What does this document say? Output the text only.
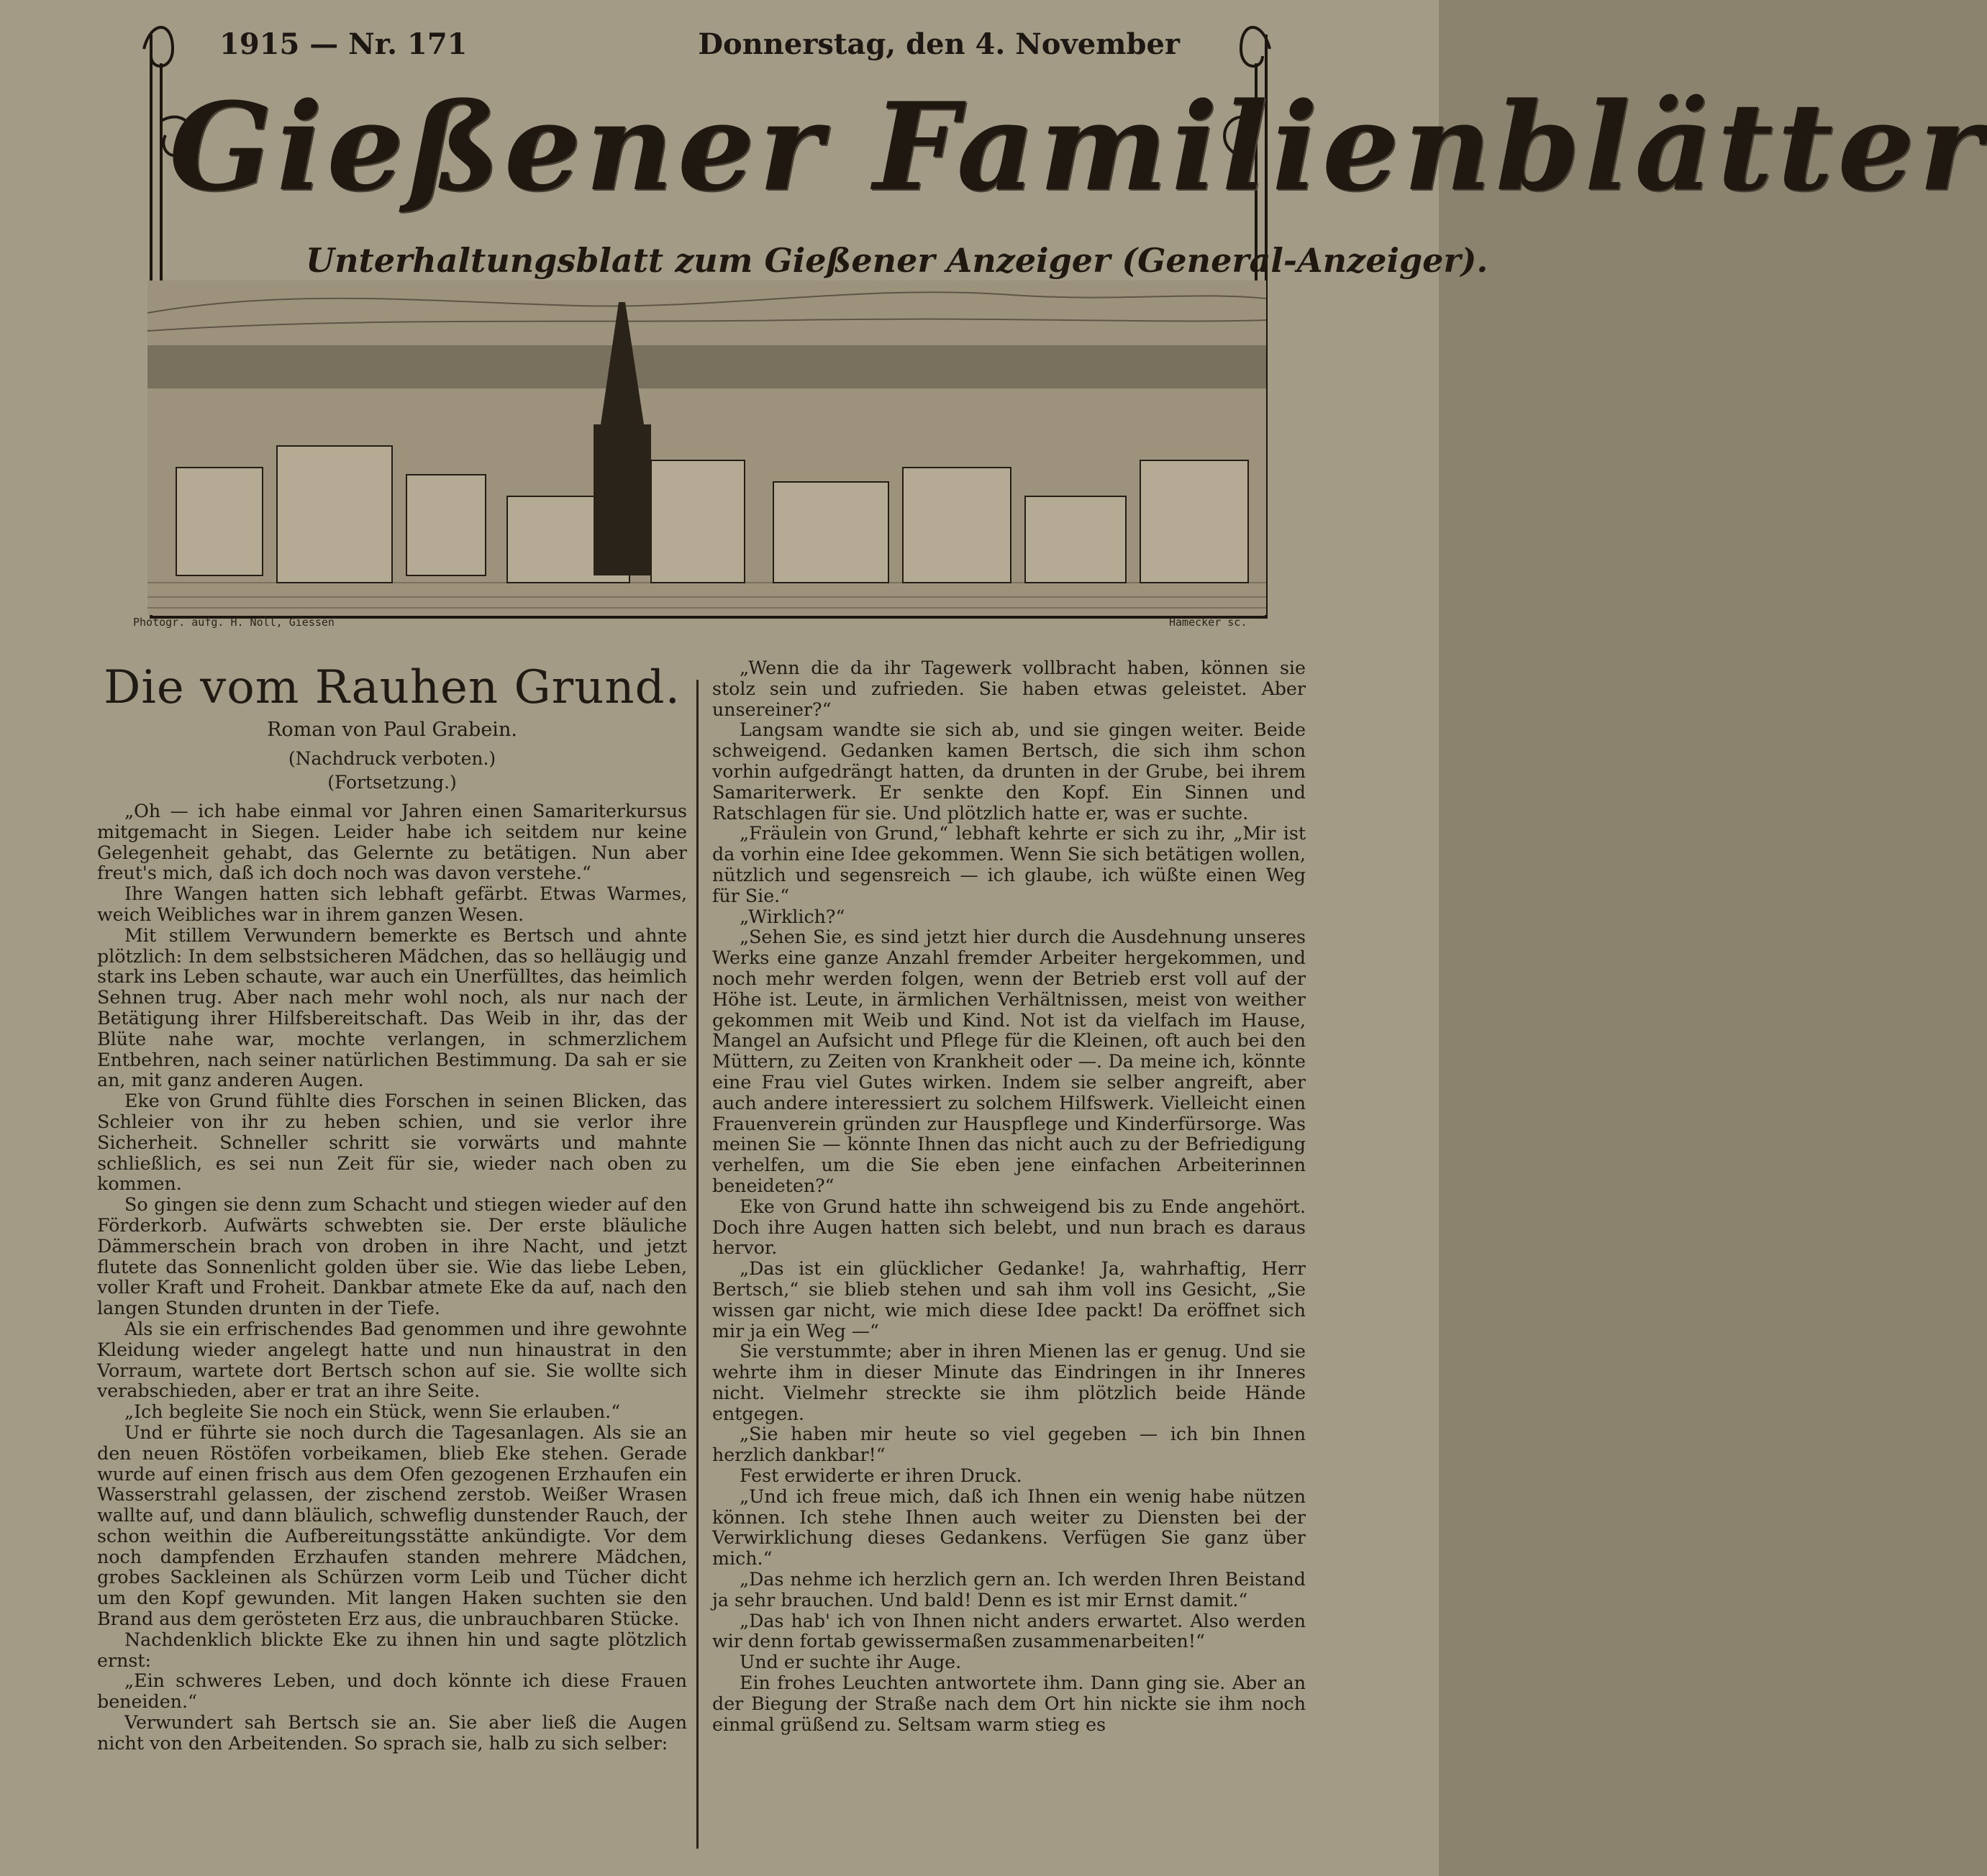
1915 — Nr. 171	Donnerstag, den 4. November
Gießener Familienblätter
Unterhaltungsblatt zum Gießener Anzeiger (General-Anzeiger).
Photogr. aufg. H. Noll, Giessen	Hamecker sc.
Die vom Rauhen Grund.
Roman von Paul Grabein.
(Nachdruck verboten.)
(Fortsetzung.)

„Oh — ich habe einmal vor Jahren einen Samariterkursus mitgemacht in Siegen. Leider habe ich seitdem nur keine Gelegenheit gehabt, das Gelernte zu betätigen. Nun aber freut's mich, daß ich doch noch was davon verstehe.“

Ihre Wangen hatten sich lebhaft gefärbt. Etwas Warmes, weich Weibliches war in ihrem ganzen Wesen.

Mit stillem Verwundern bemerkte es Bertsch und ahnte plötzlich: In dem selbstsicheren Mädchen, das so helläugig und stark ins Leben schaute, war auch ein Unerfülltes, das heimlich Sehnen trug. Aber nach mehr wohl noch, als nur nach der Betätigung ihrer Hilfsbereitschaft. Das Weib in ihr, das der Blüte nahe war, mochte verlangen, in schmerzlichem Entbehren, nach seiner natürlichen Bestimmung. Da sah er sie an, mit ganz anderen Augen.

Eke von Grund fühlte dies Forschen in seinen Blicken, das Schleier von ihr zu heben schien, und sie verlor ihre Sicherheit. Schneller schritt sie vorwärts und mahnte schließlich, es sei nun Zeit für sie, wieder nach oben zu kommen.

So gingen sie denn zum Schacht und stiegen wieder auf den Förderkorb. Aufwärts schwebten sie. Der erste bläuliche Dämmerschein brach von droben in ihre Nacht, und jetzt flutete das Sonnenlicht golden über sie. Wie das liebe Leben, voller Kraft und Froheit. Dankbar atmete Eke da auf, nach den langen Stunden drunten in der Tiefe.

Als sie ein erfrischendes Bad genommen und ihre gewohnte Kleidung wieder angelegt hatte und nun hinaustrat in den Vorraum, wartete dort Bertsch schon auf sie. Sie wollte sich verabschieden, aber er trat an ihre Seite.

„Ich begleite Sie noch ein Stück, wenn Sie erlauben.“

Und er führte sie noch durch die Tagesanlagen. Als sie an den neuen Röstöfen vorbeikamen, blieb Eke stehen. Gerade wurde auf einen frisch aus dem Ofen gezogenen Erzhaufen ein Wasserstrahl gelassen, der zischend zerstob. Weißer Wrasen wallte auf, und dann bläulich, schweflig dunstender Rauch, der schon weithin die Aufbereitungsstätte ankündigte. Vor dem noch dampfenden Erzhaufen standen mehrere Mädchen, grobes Sackleinen als Schürzen vorm Leib und Tücher dicht um den Kopf gewunden. Mit langen Haken suchten sie den Brand aus dem gerösteten Erz aus, die unbrauchbaren Stücke.

Nachdenklich blickte Eke zu ihnen hin und sagte plötzlich ernst:

„Ein schweres Leben, und doch könnte ich diese Frauen beneiden.“

Verwundert sah Bertsch sie an. Sie aber ließ die Augen nicht von den Arbeitenden. So sprach sie, halb zu sich selber:

„Wenn die da ihr Tagewerk vollbracht haben, können sie stolz sein und zufrieden. Sie haben etwas geleistet. Aber unsereiner?“

Langsam wandte sie sich ab, und sie gingen weiter. Beide schweigend. Gedanken kamen Bertsch, die sich ihm schon vorhin aufgedrängt hatten, da drunten in der Grube, bei ihrem Samariterwerk. Er senkte den Kopf. Ein Sinnen und Ratschlagen für sie. Und plötzlich hatte er, was er suchte.

„Fräulein von Grund,“ lebhaft kehrte er sich zu ihr, „Mir ist da vorhin eine Idee gekommen. Wenn Sie sich betätigen wollen, nützlich und segensreich — ich glaube, ich wüßte einen Weg für Sie.“

„Wirklich?“

„Sehen Sie, es sind jetzt hier durch die Ausdehnung unseres Werks eine ganze Anzahl fremder Arbeiter hergekommen, und noch mehr werden folgen, wenn der Betrieb erst voll auf der Höhe ist. Leute, in ärmlichen Verhältnissen, meist von weither gekommen mit Weib und Kind. Not ist da vielfach im Hause, Mangel an Aufsicht und Pflege für die Kleinen, oft auch bei den Müttern, zu Zeiten von Krankheit oder —. Da meine ich, könnte eine Frau viel Gutes wirken. Indem sie selber angreift, aber auch andere interessiert zu solchem Hilfswerk. Vielleicht einen Frauenverein gründen zur Hauspflege und Kinderfürsorge. Was meinen Sie — könnte Ihnen das nicht auch zu der Befriedigung verhelfen, um die Sie eben jene einfachen Arbeiterinnen beneideten?“

Eke von Grund hatte ihn schweigend bis zu Ende angehört. Doch ihre Augen hatten sich belebt, und nun brach es daraus hervor.

„Das ist ein glücklicher Gedanke! Ja, wahrhaftig, Herr Bertsch,“ sie blieb stehen und sah ihm voll ins Gesicht, „Sie wissen gar nicht, wie mich diese Idee packt! Da eröffnet sich mir ja ein Weg —“

Sie verstummte; aber in ihren Mienen las er genug. Und sie wehrte ihm in dieser Minute das Eindringen in ihr Inneres nicht. Vielmehr streckte sie ihm plötzlich beide Hände entgegen.

„Sie haben mir heute so viel gegeben — ich bin Ihnen herzlich dankbar!“

Fest erwiderte er ihren Druck.

„Und ich freue mich, daß ich Ihnen ein wenig habe nützen können. Ich stehe Ihnen auch weiter zu Diensten bei der Verwirklichung dieses Gedankens. Verfügen Sie ganz über mich.“

„Das nehme ich herzlich gern an. Ich werden Ihren Beistand ja sehr brauchen. Und bald! Denn es ist mir Ernst damit.“

„Das hab' ich von Ihnen nicht anders erwartet. Also werden wir denn fortab gewissermaßen zusammenarbeiten!“

Und er suchte ihr Auge.

Ein frohes Leuchten antwortete ihm. Dann ging sie. Aber an der Biegung der Straße nach dem Ort hin nickte sie ihm noch einmal grüßend zu. Seltsam warm stieg es
